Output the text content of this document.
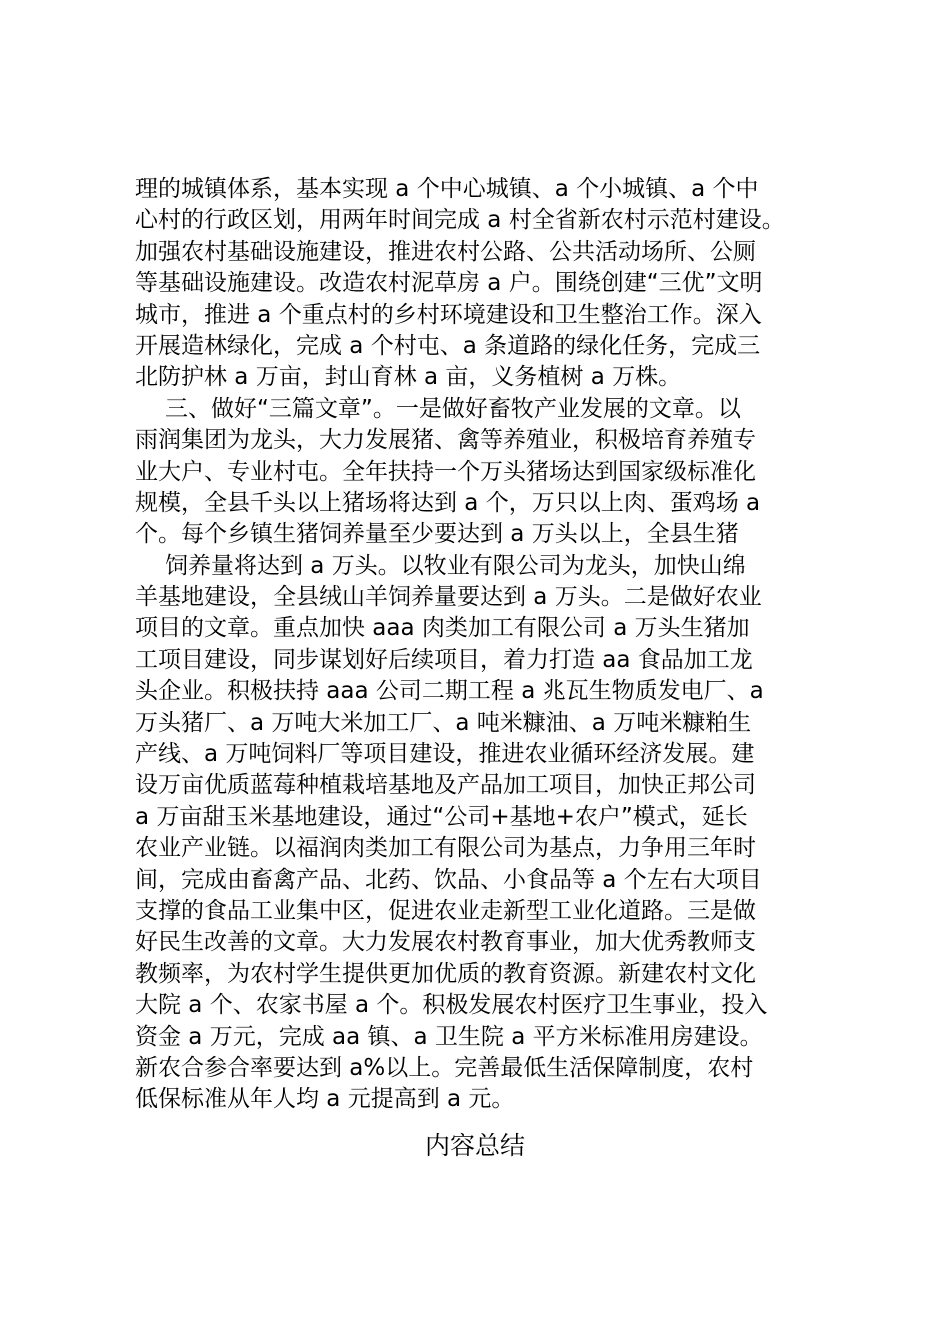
理的城镇体系，基本实现 a 个中心城镇、a 个小城镇、a 个中
心村的行政区划，用两年时间完成 a 村全省新农村示范村建设。
加强农村基础设施建设，推进农村公路、公共活动场所、公厕
等基础设施建设。改造农村泥草房 a 户。围绕创建“三优”文明
城市，推进 a 个重点村的乡村环境建设和卫生整治工作。深入
开展造林绿化，完成 a 个村屯、a 条道路的绿化任务，完成三
北防护林 a 万亩，封山育林 a 亩，义务植树 a 万株。
三、做好“三篇文章”。一是做好畜牧产业发展的文章。以
雨润集团为龙头，大力发展猪、禽等养殖业，积极培育养殖专
业大户、专业村屯。全年扶持一个万头猪场达到国家级标准化
规模，全县千头以上猪场将达到 a 个，万只以上肉、蛋鸡场 a
个。每个乡镇生猪饲养量至少要达到 a 万头以上，全县生猪
饲养量将达到 a 万头。以牧业有限公司为龙头，加快山绵
羊基地建设，全县绒山羊饲养量要达到 a 万头。二是做好农业
项目的文章。重点加快 aaa 肉类加工有限公司 a 万头生猪加
工项目建设，同步谋划好后续项目，着力打造 aa 食品加工龙
头企业。积极扶持 aaa 公司二期工程 a 兆瓦生物质发电厂、a
万头猪厂、a 万吨大米加工厂、a 吨米糠油、a 万吨米糠粕生
产线、a 万吨饲料厂等项目建设，推进农业循环经济发展。建
设万亩优质蓝莓种植栽培基地及产品加工项目，加快正邦公司
a 万亩甜玉米基地建设，通过“公司+基地+农户”模式，延长
农业产业链。以福润肉类加工有限公司为基点，力争用三年时
间，完成由畜禽产品、北药、饮品、小食品等 a 个左右大项目
支撑的食品工业集中区，促进农业走新型工业化道路。三是做
好民生改善的文章。大力发展农村教育事业，加大优秀教师支
教频率，为农村学生提供更加优质的教育资源。新建农村文化
大院 a 个、农家书屋 a 个。积极发展农村医疗卫生事业，投入
资金 a 万元，完成 aa 镇、a 卫生院 a 平方米标准用房建设。
新农合参合率要达到 a%以上。完善最低生活保障制度，农村
低保标准从年人均 a 元提高到 a 元。
内容总结
